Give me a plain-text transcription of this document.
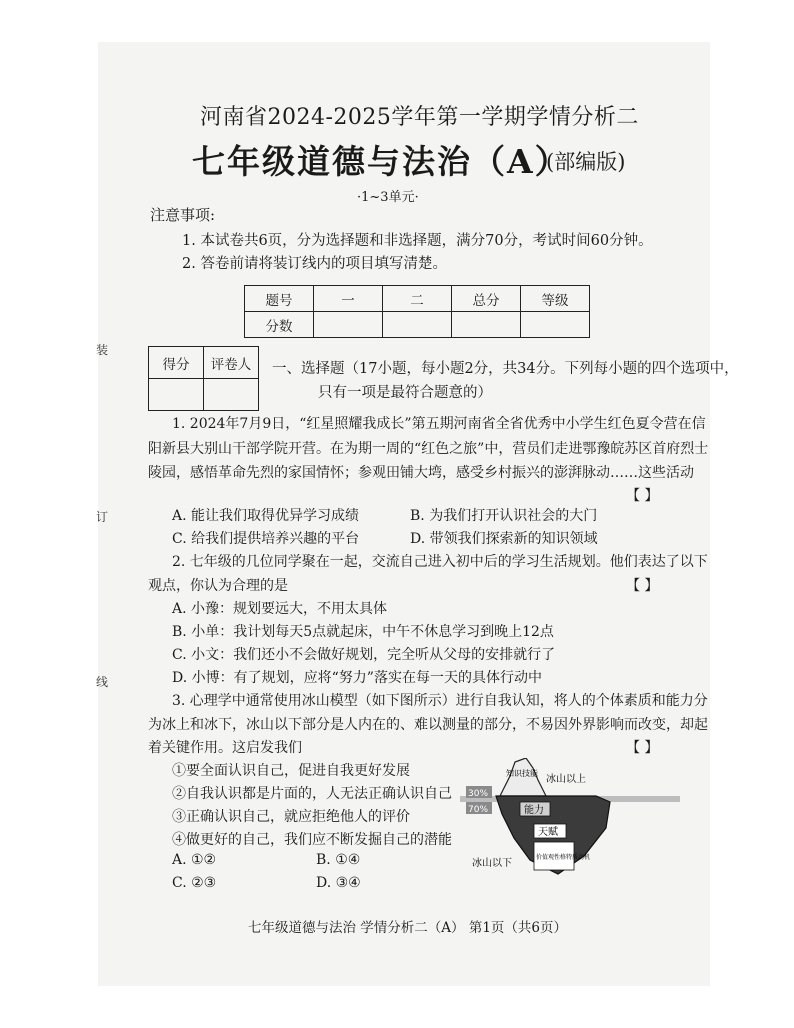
河南省2024-2025学年第一学期学情分析二
七年级道德与法治（A）
(部编版)
·1~3单元·
注意事项:
1. 本试卷共6页，分为选择题和非选择题，满分70分，考试时间60分钟。
2. 答卷前请将装订线内的项目填写清楚。
题号	一	二	总分	等级
分数				
得分	评卷人
	一、选择题（17小题，每小题2分，共34分。下列每小题的四个选项中，
只有一项是最符合题意的）
装
订
线
1. 2024年7月9日，“红星照耀我成长”第五期河南省全省优秀中小学生红色夏令营在信
阳新县大别山干部学院开营。在为期一周的“红色之旅”中，营员们走进鄂豫皖苏区首府烈士
陵园，感悟革命先烈的家国情怀；参观田铺大塆，感受乡村振兴的澎湃脉动……这些活动
【 】
A. 能让我们取得优异学习成绩	B. 为我们打开认识社会的大门
C. 给我们提供培养兴趣的平台	D. 带领我们探索新的知识领域
2. 七年级的几位同学聚在一起，交流自己进入初中后的学习生活规划。他们表达了以下
观点，你认为合理的是	【 】
A. 小豫：规划要远大，不用太具体
B. 小单：我计划每天5点就起床，中午不休息学习到晚上12点
C. 小文：我们还小不会做好规划，完全听从父母的安排就行了
D. 小博：有了规划，应将“努力”落实在每一天的具体行动中
3. 心理学中通常使用冰山模型（如下图所示）进行自我认知，将人的个体素质和能力分
为冰上和冰下，冰山以下部分是人内在的、难以测量的部分，不易因外界影响而改变，却起
着关键作用。这启发我们	【 】
①要全面认识自己，促进自我更好发展
②自我认识都是片面的，人无法正确认识自己
③正确认识自己，就应拒绝他人的评价
④做更好的自己，我们应不断发掘自己的潜能
A. ①②	B. ①④
C. ②③	D. ③④
知识技能
冰山以上
30%
70%	能力
天赋
价值观性格特质动机
冰山以下
七年级道德与法治 学情分析二（A） 第1页（共6页）
